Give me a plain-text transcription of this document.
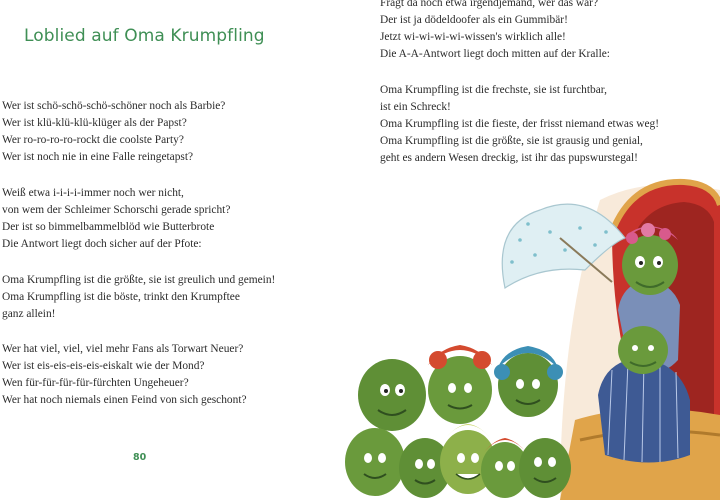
Loblied auf Oma Krumpfling
Wer ist schö-schö-schö-schöner noch als Barbie?
Wer ist klü-klü-klü-klüger als der Papst?
Wer ro-ro-ro-ro-rockt die coolste Party?
Wer ist noch nie in eine Falle reingetapst?
Weiß etwa i-i-i-i-immer noch wer nicht,
von wem der Schleimer Schorschi gerade spricht?
Der ist so bimmelbammelblöd wie Butterbrote
Die Antwort liegt doch sicher auf der Pfote:
Oma Krumpfling ist die größte, sie ist greulich und gemein!
Oma Krumpfling ist die böste, trinkt den Krumpftee
ganz allein!
Wer hat viel, viel, viel mehr Fans als Torwart Neuer?
Wer ist eis-eis-eis-eis-eiskalt wie der Mond?
Wen für-für-für-für-fürchten Ungeheuer?
Wer hat noch niemals einen Feind von sich geschont?
80
Fragt da noch etwa irgendjemand, wer das wär?
Der ist ja dödeldoofer als ein Gummibär!
Jetzt wi-wi-wi-wi-wissen's wirklich alle!
Die A-A-Antwort liegt doch mitten auf der Kralle:
Oma Krumpfling ist die frechste, sie ist furchtbar,
ist ein Schreck!
Oma Krumpfling ist die fieste, der frisst niemand etwas weg!
Oma Krumpfling ist die größte, sie ist grausig und genial,
geht es andern Wesen dreckig, ist ihr das pupswurstegal!
